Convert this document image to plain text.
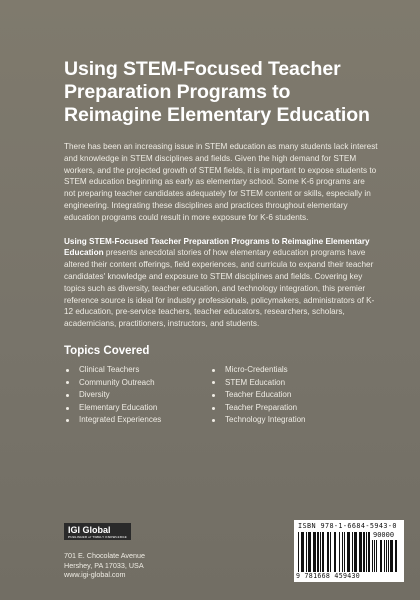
Using STEM-Focused Teacher Preparation Programs to Reimagine Elementary Education

There has been an increasing issue in STEM education as many students lack interest and knowledge in STEM disciplines and fields. Given the high demand for STEM workers, and the projected growth of STEM fields, it is important to expose students to STEM education beginning as early as elementary school. Some K-6 programs are not preparing teacher candidates adequately for STEM content or skills, especially in engineering. Integrating these disciplines and practices throughout elementary education programs could result in more exposure for K-6 students.

Using STEM-Focused Teacher Preparation Programs to Reimagine Elementary Education presents anecdotal stories of how elementary education programs have altered their content offerings, field experiences, and curricula to expand their teacher candidates' knowledge and exposure to STEM disciplines and fields. Covering key topics such as diversity, teacher education, and technology integration, this premier reference source is ideal for industry professionals, policymakers, administrators of K-12 education, pre-service teachers, teacher educators, researchers, scholars, academicians, practitioners, instructors, and students.

Topics Covered
Clinical Teachers
Community Outreach
Diversity
Elementary Education
Integrated Experiences
Micro-Credentials
STEM Education
Teacher Education
Teacher Preparation
Technology Integration
IGI Global
PUBLISHER of TIMELY KNOWLEDGE
701 E. Chocolate Avenue
Hershey, PA 17033, USA
www.igi-global.com
ISBN 978-1-6684-5943-0
90000
9 781668 459430
